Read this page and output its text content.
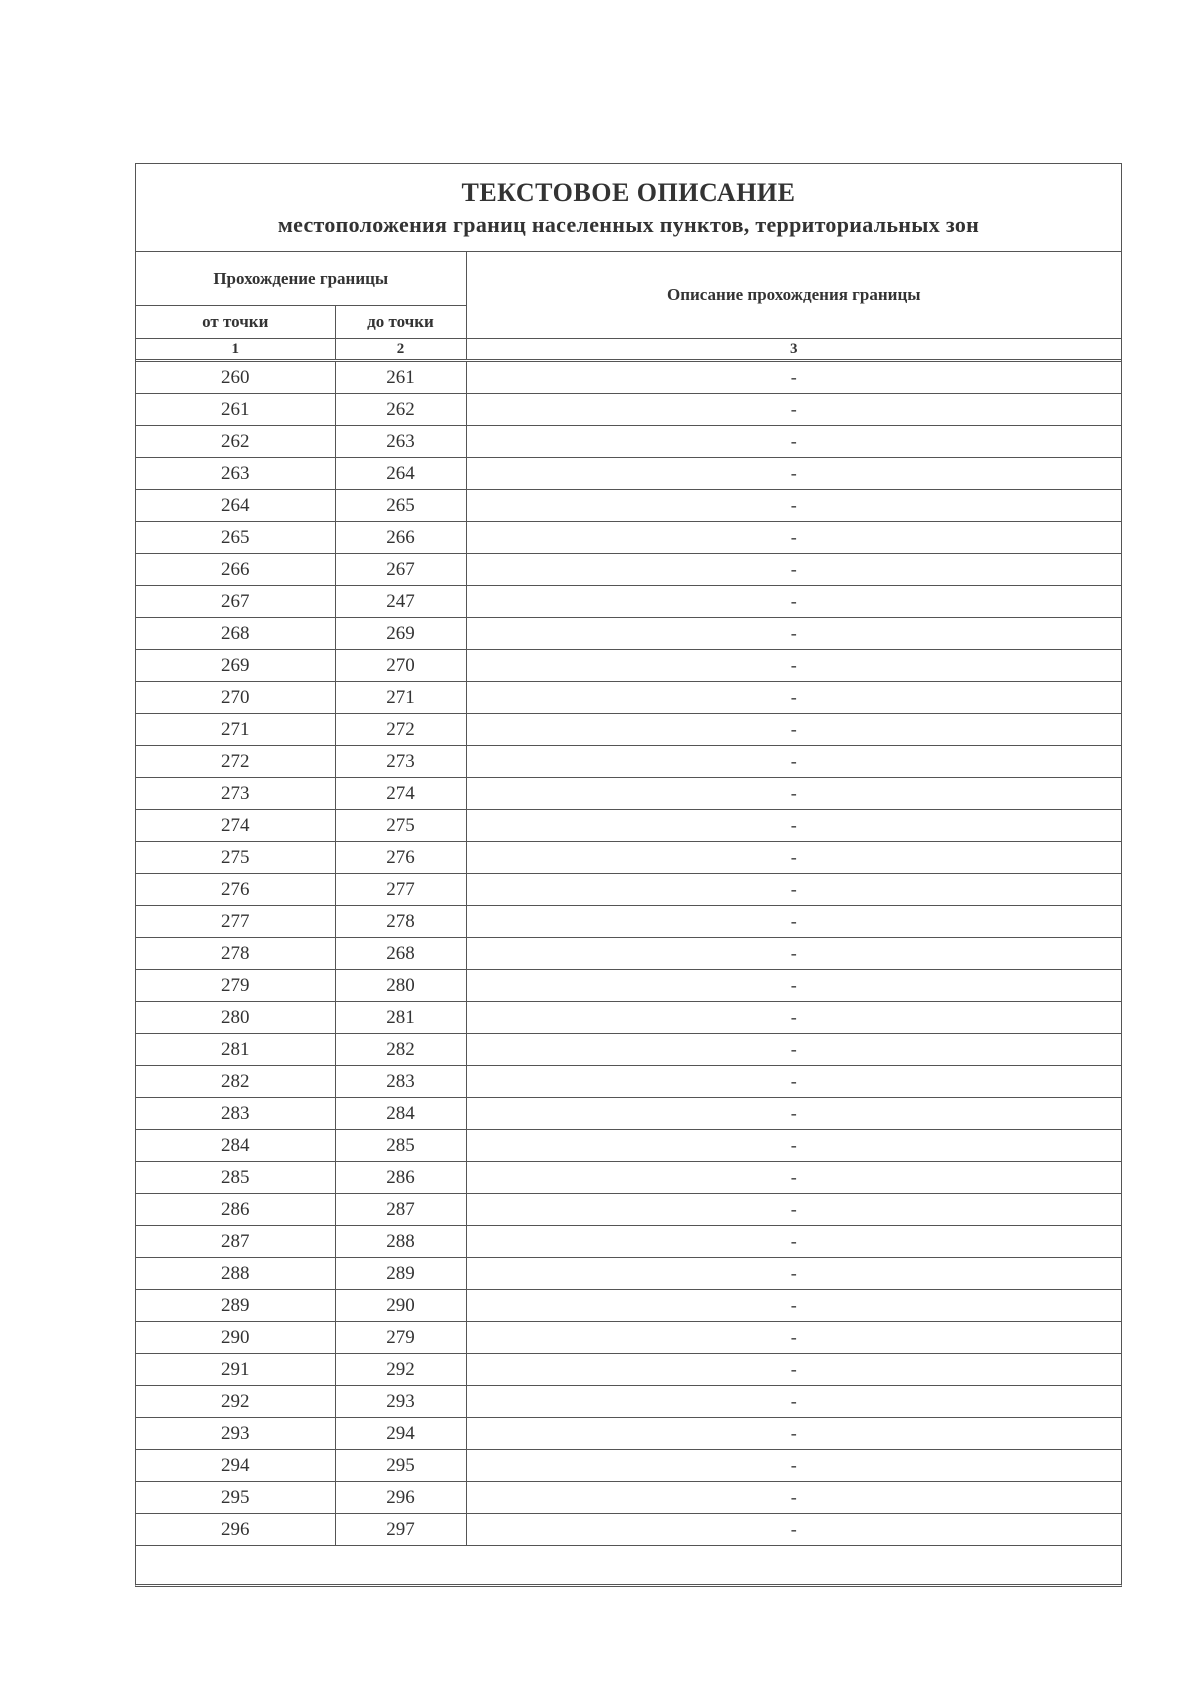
ТЕКСТОВОЕ ОПИСАНИЕ
местоположения границ населенных пунктов, территориальных зон
Прохождение границы		Описание прохождения границы
от точки	до точки	
1	2	3
260	261	-
261	262	-
262	263	-
263	264	-
264	265	-
265	266	-
266	267	-
267	247	-
268	269	-
269	270	-
270	271	-
271	272	-
272	273	-
273	274	-
274	275	-
275	276	-
276	277	-
277	278	-
278	268	-
279	280	-
280	281	-
281	282	-
282	283	-
283	284	-
284	285	-
285	286	-
286	287	-
287	288	-
288	289	-
289	290	-
290	279	-
291	292	-
292	293	-
293	294	-
294	295	-
295	296	-
296	297	-
